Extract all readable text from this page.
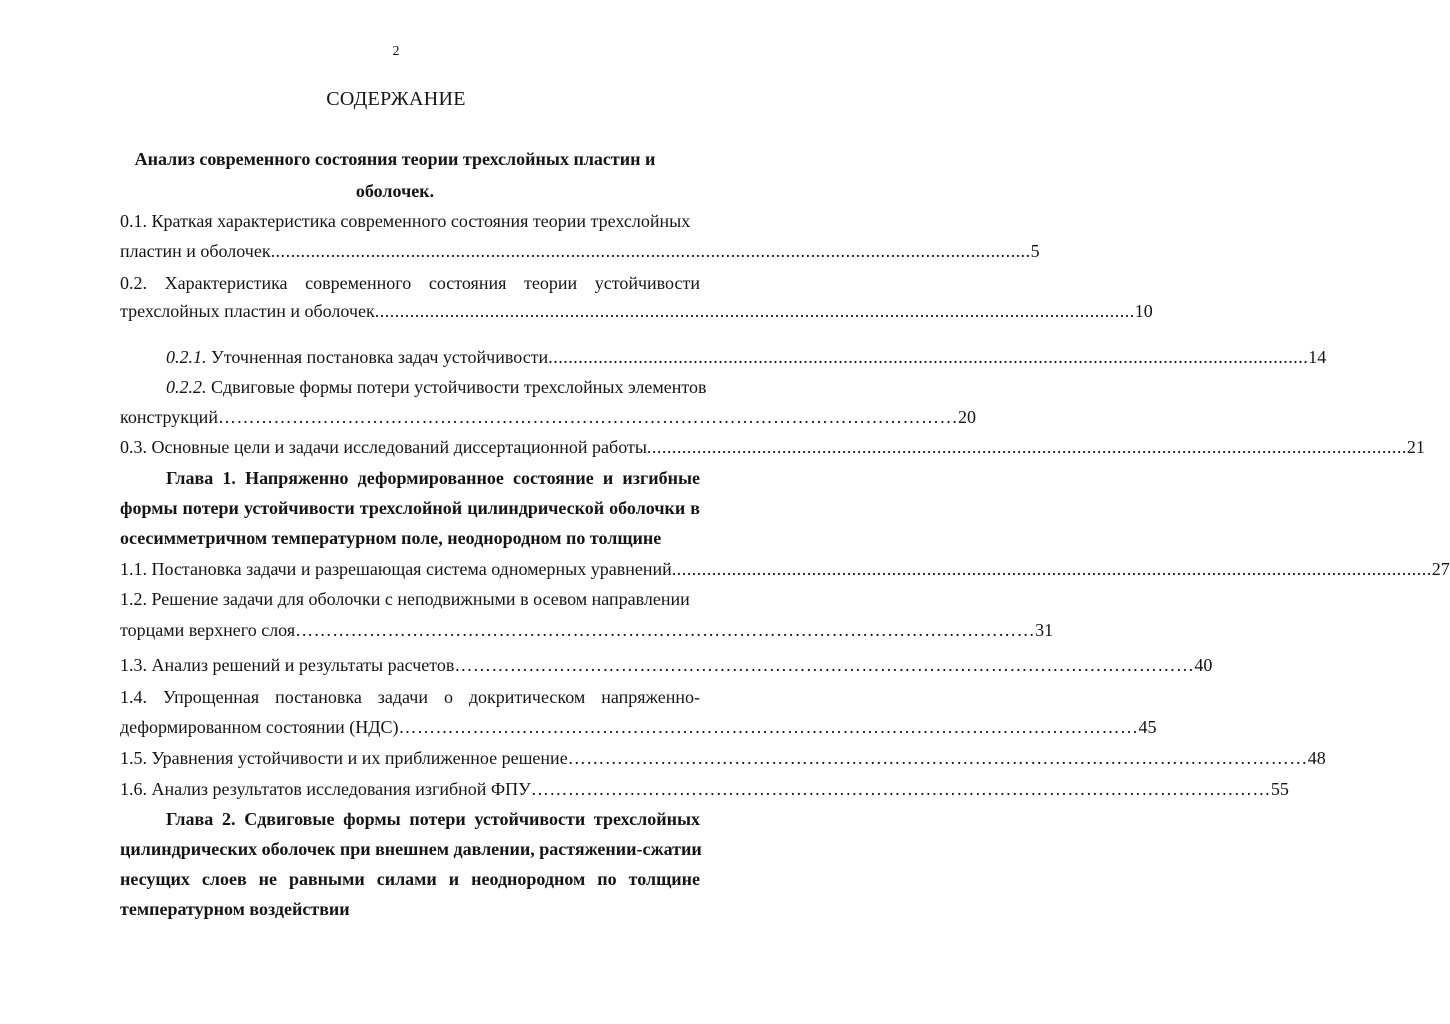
2
СОДЕРЖАНИЕ
Анализ современного состояния теории трехслойных пластин и
оболочек.
0.1. Краткая характеристика современного состояния теории трехслойных
пластин и оболочек ........................................................................................................................................................ 5
0.2. Характеристика современного состояния теории устойчивости
трехслойных пластин и оболочек ........................................................................................................................................................ 10
0.2.1. Уточненная постановка задач устойчивости ........................................................................................................................................................ 14
0.2.2. Сдвиговые формы потери устойчивости трехслойных элементов
конструкций ………………………………………………………………………………………………………… 20
0.3. Основные цели и задачи исследований диссертационной работы ........................................................................................................................................................ 21
Глава 1. Напряженно деформированное состояние и изгибные
формы потери устойчивости трехслойной цилиндрической оболочки в
осесимметричном температурном поле, неоднородном по толщине
1.1. Постановка задачи и разрешающая система одномерных уравнений ........................................................................................................................................................ 27
1.2. Решение задачи для оболочки с неподвижными в осевом направлении
торцами верхнего слоя ………………………………………………………………………………………………………… 31
1.3. Анализ решений и результаты расчетов ………………………………………………………………………………………………………… 40
1.4. Упрощенная постановка задачи о докритическом напряженно-
деформированном состоянии (НДС) ………………………………………………………………………………………………………… 45
1.5. Уравнения устойчивости и их приближенное решение ………………………………………………………………………………………………………… 48
1.6. Анализ результатов исследования изгибной ФПУ ………………………………………………………………………………………………………… 55
Глава 2. Сдвиговые формы потери устойчивости трехслойных
цилиндрических оболочек при внешнем давлении, растяжении-сжатии
несущих слоев не равными силами и неоднородном по толщине
температурном воздействии
